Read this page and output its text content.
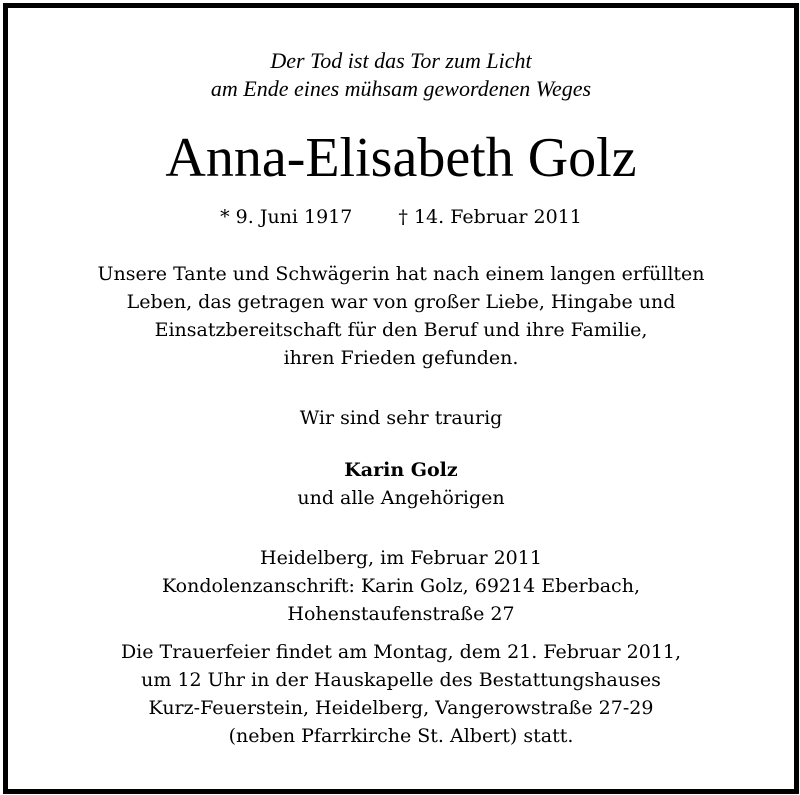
Der Tod ist das Tor zum Licht
am Ende eines mühsam gewordenen Weges
Anna-Elisabeth Golz
* 9. Juni 1917 † 14. Februar 2011
Unsere Tante und Schwägerin hat nach einem langen erfüllten
Leben, das getragen war von großer Liebe, Hingabe und
Einsatzbereitschaft für den Beruf und ihre Familie,
ihren Frieden gefunden.
Wir sind sehr traurig
Karin Golz
und alle Angehörigen
Heidelberg, im Februar 2011
Kondolenzanschrift: Karin Golz, 69214 Eberbach,
Hohenstaufenstraße 27
Die Trauerfeier findet am Montag, dem 21. Februar 2011,
um 12 Uhr in der Hauskapelle des Bestattungshauses
Kurz-Feuerstein, Heidelberg, Vangerowstraße 27-29
(neben Pfarrkirche St. Albert) statt.
